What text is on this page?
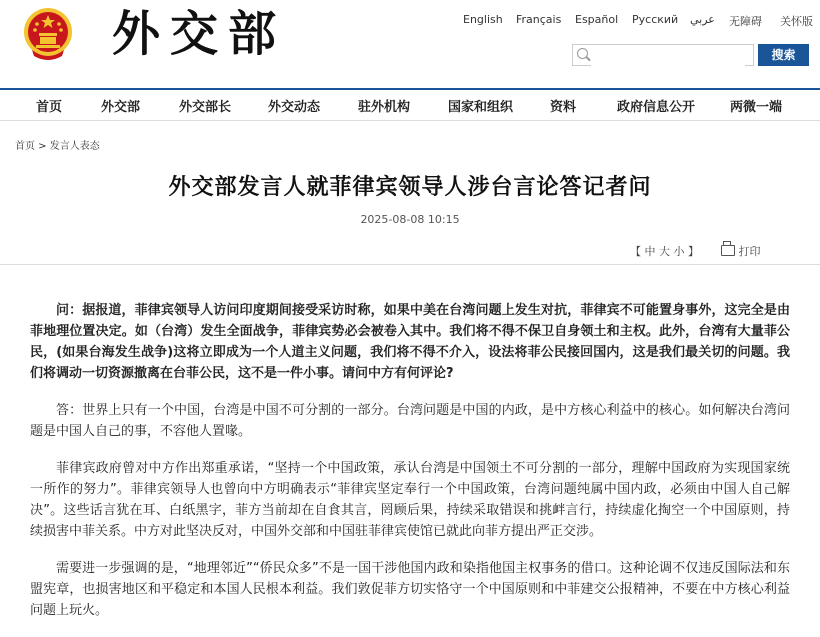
外交部	English Français Español Русский عربي 无障碍 关怀版
搜索
首页	外交部	外交部长	外交动态	驻外机构	国家和组织	资料	政府信息公开	两微一端
首页 > 发言人表态
外交部发言人就菲律宾领导人涉台言论答记者问
2025-08-08 10:15
【 中 大 小 】	打印

问：据报道，菲律宾领导人访问印度期间接受采访时称，如果中美在台湾问题上发生对抗，菲律宾不可能置身事外，这完全是由菲地理位置决定。如（台湾）发生全面战争，菲律宾势必会被卷入其中。我们将不得不保卫自身领土和主权。此外，台湾有大量菲公民，(如果台海发生战争)这将立即成为一个人道主义问题，我们将不得不介入，设法将菲公民接回国内，这是我们最关切的问题。我们将调动一切资源撤离在台菲公民，这不是一件小事。请问中方有何评论?

答：世界上只有一个中国，台湾是中国不可分割的一部分。台湾问题是中国的内政，是中方核心利益中的核心。如何解决台湾问题是中国人自己的事，不容他人置喙。

菲律宾政府曾对中方作出郑重承诺，“坚持一个中国政策，承认台湾是中国领土不可分割的一部分，理解中国政府为实现国家统一所作的努力”。菲律宾领导人也曾向中方明确表示“菲律宾坚定奉行一个中国政策，台湾问题纯属中国内政，必须由中国人自己解决”。这些话言犹在耳、白纸黑字，菲方当前却在自食其言，罔顾后果，持续采取错误和挑衅言行，持续虚化掏空一个中国原则，持续损害中菲关系。中方对此坚决反对，中国外交部和中国驻菲律宾使馆已就此向菲方提出严正交涉。

需要进一步强调的是，“地理邻近”“侨民众多”不是一国干涉他国内政和染指他国主权事务的借口。这种论调不仅违反国际法和东盟宪章，也损害地区和平稳定和本国人民根本利益。我们敦促菲方切实恪守一个中国原则和中菲建交公报精神，不要在中方核心利益问题上玩火。
